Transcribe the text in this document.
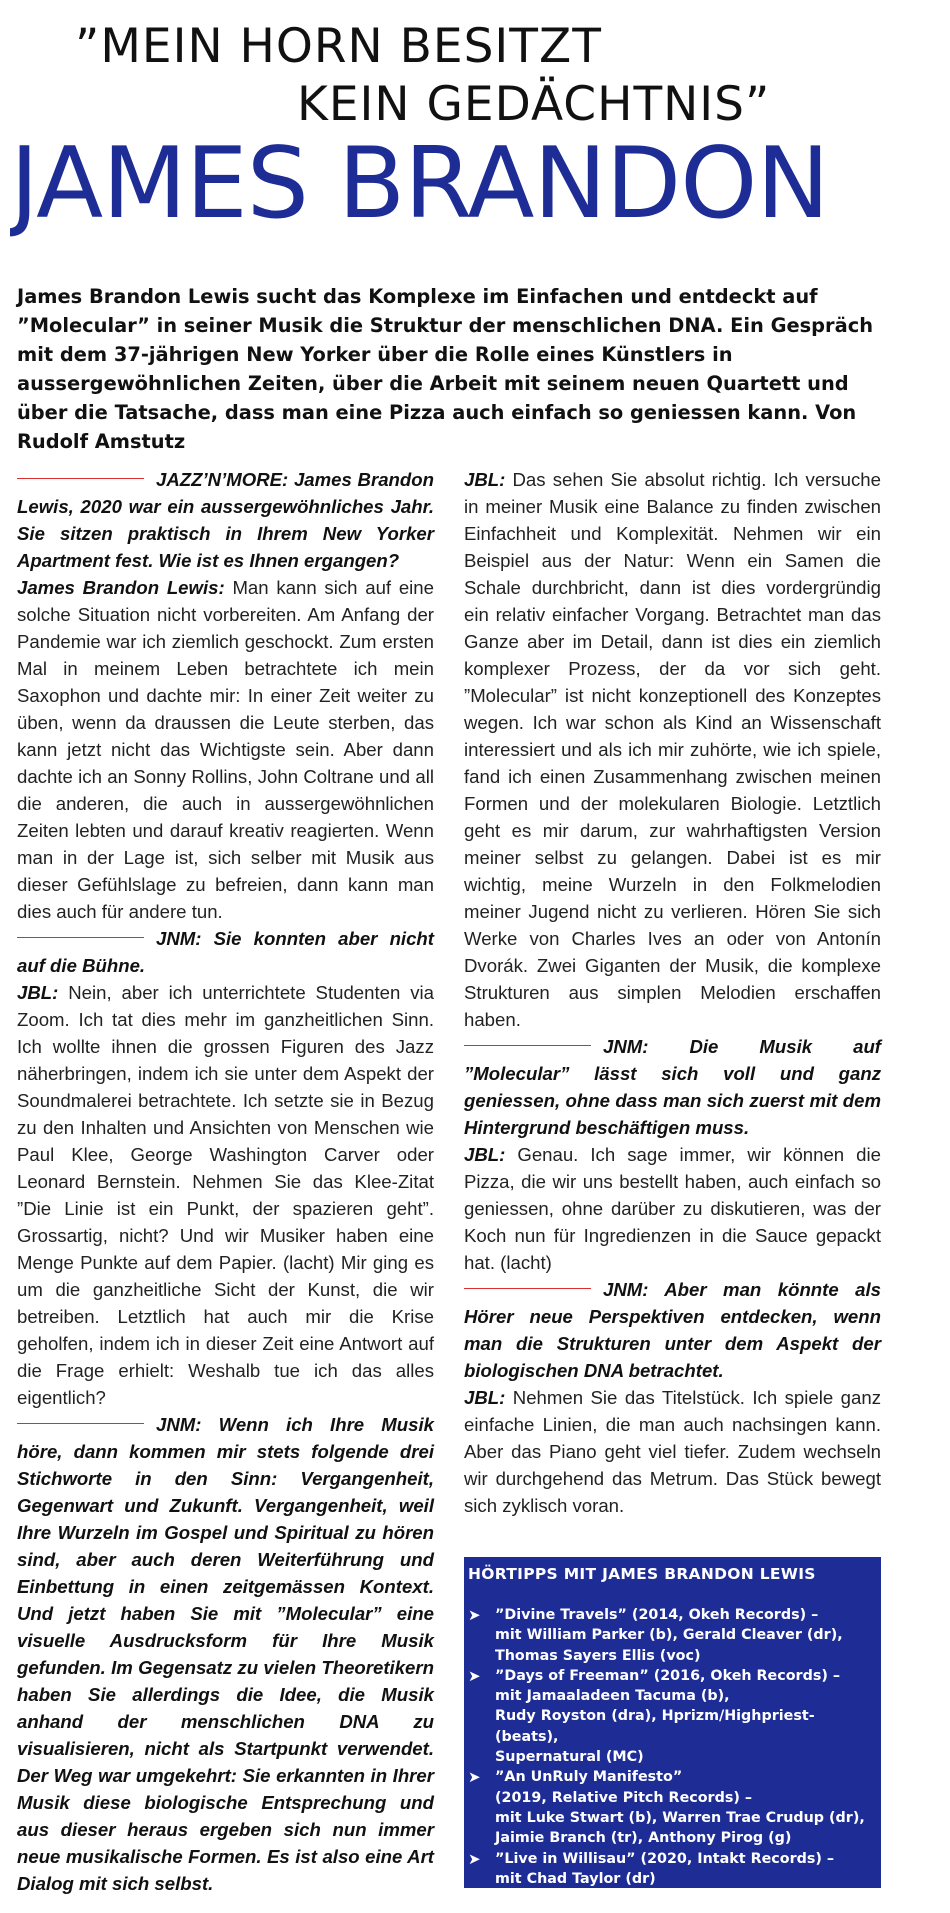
”MEIN HORN BESITZT
KEIN GEDÄCHTNIS”
JAMES BRANDON
James Brandon Lewis sucht das Komplexe im Einfachen und entdeckt auf ”Molecular” in seiner Musik die Struktur der menschlichen DNA. Ein Gespräch mit dem 37-jährigen New Yorker über die Rolle eines Künstlers in aussergewöhnlichen Zeiten, über die Arbeit mit seinem neuen Quartett und über die Tatsache, dass man eine Pizza auch einfach so geniessen kann. Von Rudolf Amstutz

JAZZ’N’MORE: James Brandon Lewis, 2020 war ein aussergewöhnliches Jahr. Sie sitzen praktisch in Ihrem New Yorker Apartment fest. Wie ist es Ihnen ergangen?

James Brandon Lewis: Man kann sich auf eine solche Situation nicht vorbereiten. Am Anfang der Pandemie war ich ziemlich geschockt. Zum ersten Mal in meinem Leben betrachtete ich mein Saxophon und dachte mir: In einer Zeit weiter zu üben, wenn da draussen die Leute sterben, das kann jetzt nicht das Wichtigste sein. Aber dann dachte ich an Sonny Rollins, John Coltrane und all die anderen, die auch in aussergewöhnlichen Zeiten lebten und darauf kreativ reagierten. Wenn man in der Lage ist, sich selber mit Musik aus dieser Gefühlslage zu befreien, dann kann man dies auch für andere tun.

JNM: Sie konnten aber nicht auf die Bühne.

JBL: Nein, aber ich unterrichtete Studenten via Zoom. Ich tat dies mehr im ganzheitlichen Sinn. Ich wollte ihnen die grossen Figuren des Jazz näherbringen, indem ich sie unter dem Aspekt der Soundmalerei betrachtete. Ich setzte sie in Bezug zu den Inhalten und Ansichten von Menschen wie Paul Klee, George Washington Carver oder Leonard Bernstein. Nehmen Sie das Klee-Zitat ”Die Linie ist ein Punkt, der spazieren geht”. Grossartig, nicht? Und wir Musiker haben eine Menge Punkte auf dem Papier. (lacht) Mir ging es um die ganzheitliche Sicht der Kunst, die wir betreiben. Letztlich hat auch mir die Krise geholfen, indem ich in dieser Zeit eine Antwort auf die Frage erhielt: Weshalb tue ich das alles eigentlich?

JNM: Wenn ich Ihre Musik höre, dann kommen mir stets folgende drei Stichworte in den Sinn: Vergangenheit, Gegenwart und Zukunft. Vergangenheit, weil Ihre Wurzeln im Gospel und Spiritual zu hören sind, aber auch deren Weiterführung und Einbettung in einen zeitgemässen Kontext. Und jetzt haben Sie mit ”Molecular” eine visuelle Ausdrucksform für Ihre Musik gefunden. Im Gegensatz zu vielen Theoretikern haben Sie allerdings die Idee, die Musik anhand der menschlichen DNA zu visualisieren, nicht als Startpunkt verwendet. Der Weg war umgekehrt: Sie erkannten in Ihrer Musik diese biologische Entsprechung und aus dieser heraus ergeben sich nun immer neue musikalische Formen. Es ist also eine Art Dialog mit sich selbst.

JBL: Das sehen Sie absolut richtig. Ich versuche in meiner Musik eine Balance zu finden zwischen Einfachheit und Komplexität. Nehmen wir ein Beispiel aus der Natur: Wenn ein Samen die Schale durchbricht, dann ist dies vordergründig ein relativ einfacher Vorgang. Betrachtet man das Ganze aber im Detail, dann ist dies ein ziemlich komplexer Prozess, der da vor sich geht. ”Molecular” ist nicht konzeptionell des Konzeptes wegen. Ich war schon als Kind an Wissenschaft interessiert und als ich mir zuhörte, wie ich spiele, fand ich einen Zusammenhang zwischen meinen Formen und der molekularen Biologie. Letztlich geht es mir darum, zur wahrhaftigsten Version meiner selbst zu gelangen. Dabei ist es mir wichtig, meine Wurzeln in den Folkmelodien meiner Jugend nicht zu verlieren. Hören Sie sich Werke von Charles Ives an oder von Antonín Dvorák. Zwei Giganten der Musik, die komplexe Strukturen aus simplen Melodien erschaffen haben.

JNM: Die Musik auf ”Molecular” lässt sich voll und ganz geniessen, ohne dass man sich zuerst mit dem Hintergrund beschäftigen muss.

JBL: Genau. Ich sage immer, wir können die Pizza, die wir uns bestellt haben, auch einfach so geniessen, ohne darüber zu diskutieren, was der Koch nun für Ingredienzen in die Sauce gepackt hat. (lacht)

JNM: Aber man könnte als Hörer neue Perspektiven entdecken, wenn man die Strukturen unter dem Aspekt der biologischen DNA betrachtet.

JBL: Nehmen Sie das Titelstück. Ich spiele ganz einfache Linien, die man auch nachsingen kann. Aber das Piano geht viel tiefer. Zudem wechseln wir durchgehend das Metrum. Das Stück bewegt sich zyklisch voran.

HÖRTIPPS MIT JAMES BRANDON LEWIS
➤ ”Divine Travels” (2014, Okeh Records) –
mit William Parker (b), Gerald Cleaver (dr),
Thomas Sayers Ellis (voc)
➤ ”Days of Freeman” (2016, Okeh Records) –
mit Jamaaladeen Tacuma (b),
Rudy Royston (dra), Hprizm/Highpriest-(beats),
Supernatural (MC)
➤ ”An UnRuly Manifesto”
(2019, Relative Pitch Records) –
mit Luke Stwart (b), Warren Trae Crudup (dr),
Jaimie Branch (tr), Anthony Pirog (g)
➤ ”Live in Willisau” (2020, Intakt Records) –
mit Chad Taylor (dr)
